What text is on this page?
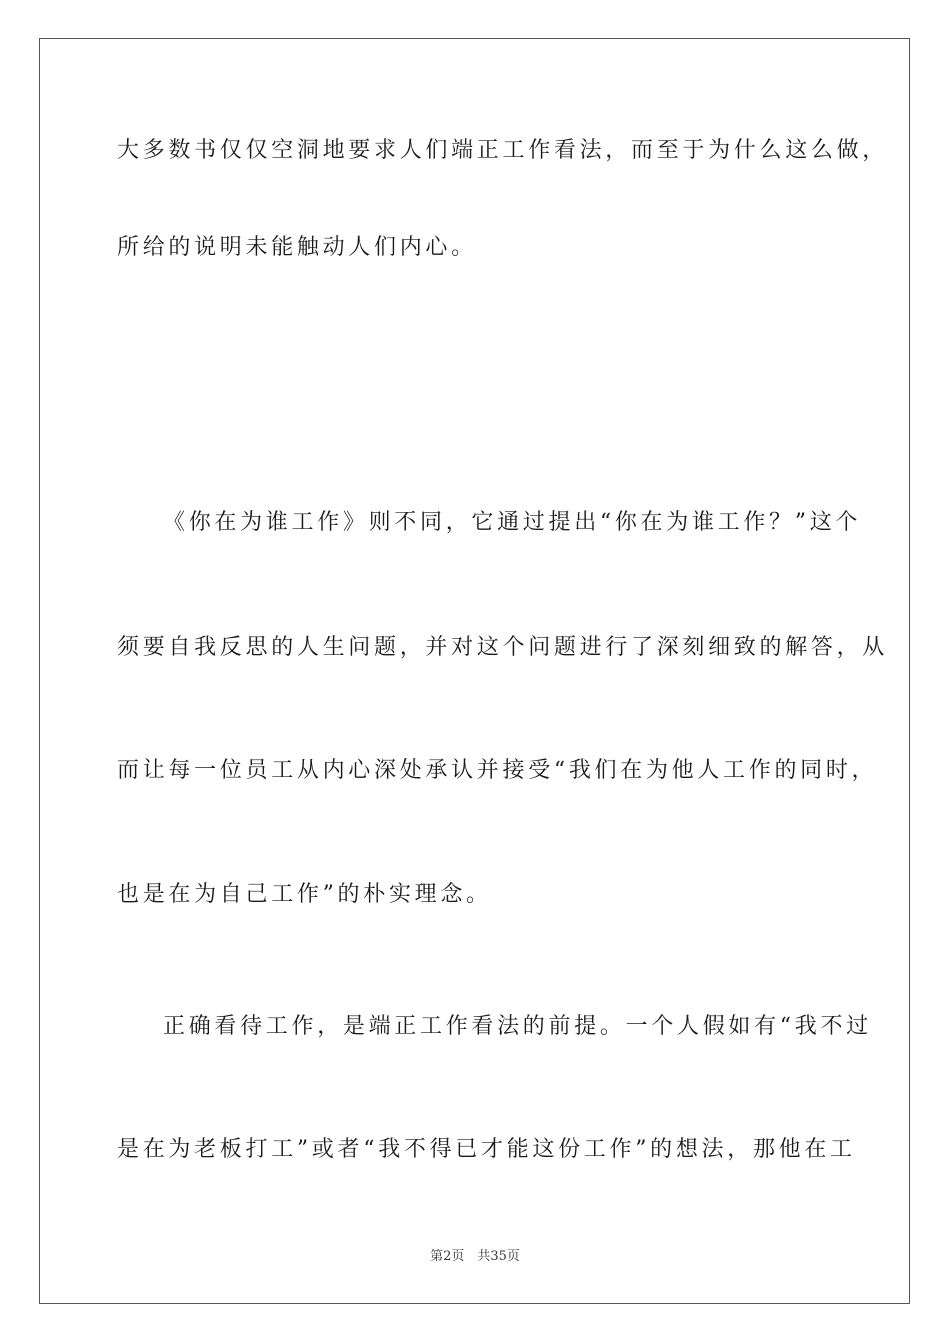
大多数书仅仅空洞地要求人们端正工作看法，而至于为什么这么做，
所给的说明未能触动人们内心。
《你在为谁工作》则不同，它通过提出“你在为谁工作？”这个
须要自我反思的人生问题，并对这个问题进行了深刻细致的解答，从
而让每一位员工从内心深处承认并接受“我们在为他人工作的同时，
也是在为自己工作”的朴实理念。
正确看待工作，是端正工作看法的前提。一个人假如有“我不过
是在为老板打工”或者“我不得已才能这份工作”的想法，那他在工
第2页　共35页
